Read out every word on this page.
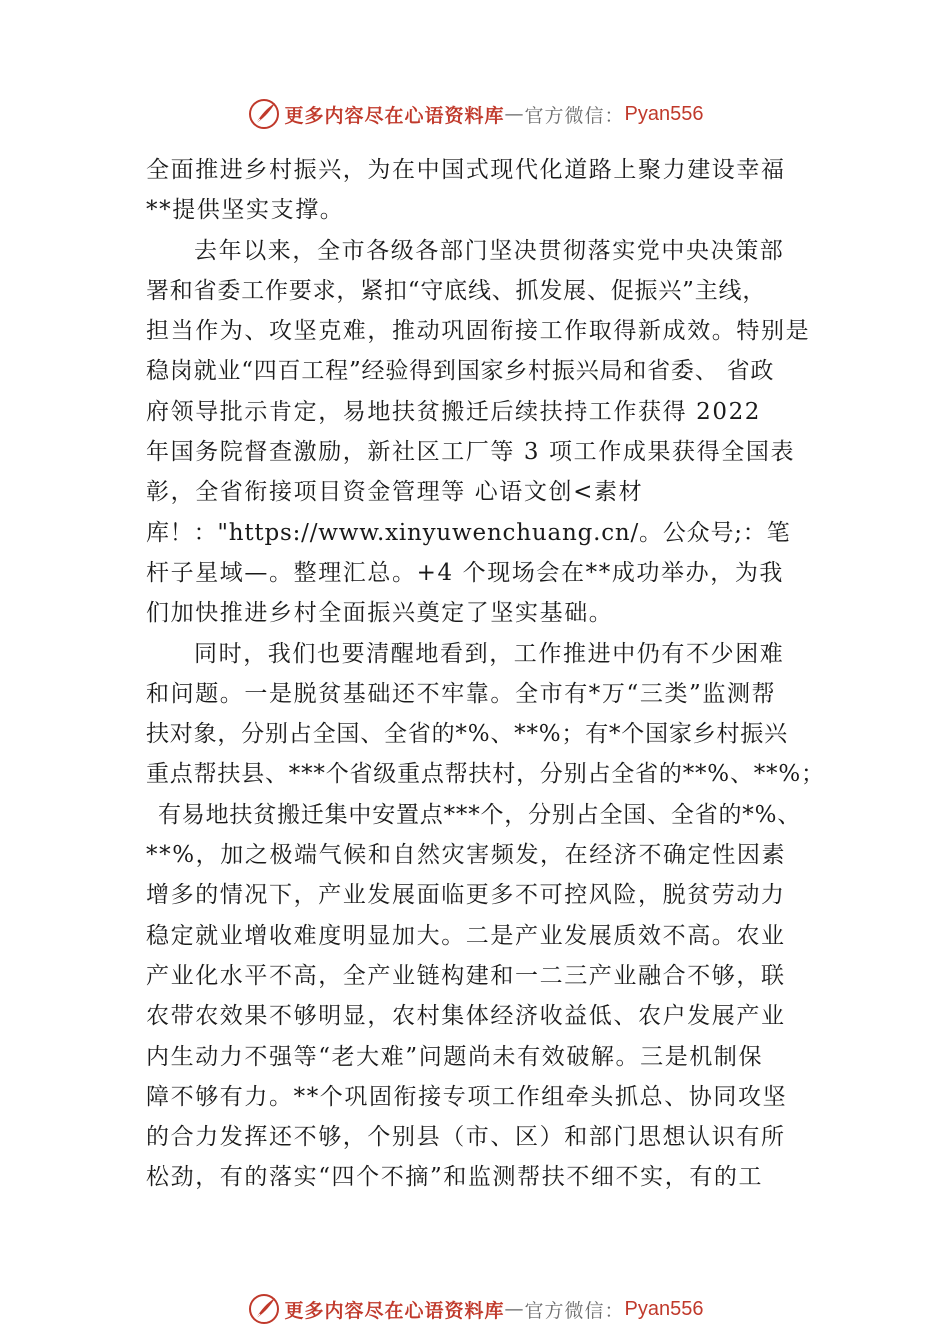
更多内容尽在心语资料库 — 官方微信： Pyan556
全面推进乡村振兴，为在中国式现代化道路上聚力建设幸福
**提供坚实支撑。
去年以来，全市各级各部门坚决贯彻落实党中央决策部
署和省委工作要求，紧扣“守底线、抓发展、促振兴”主线，
担当作为、攻坚克难，推动巩固衔接工作取得新成效。特别是
稳岗就业“四百工程”经验得到国家乡村振兴局和省委、 省政
府领导批示肯定，易地扶贫搬迁后续扶持工作获得 2022
年国务院督查激励，新社区工厂等 3 项工作成果获得全国表
彰，全省衔接项目资金管理等 心语文创<素材
库！："https://www.xinyuwenchuang.cn/。公众号;：笔
杆子星域—。整理汇总。+4 个现场会在**成功举办，为我
们加快推进乡村全面振兴奠定了坚实基础。
同时，我们也要清醒地看到，工作推进中仍有不少困难
和问题。一是脱贫基础还不牢靠。全市有*万“三类”监测帮
扶对象，分别占全国、全省的*%、**%；有*个国家乡村振兴
重点帮扶县、***个省级重点帮扶村，分别占全省的**%、**%；
有易地扶贫搬迁集中安置点***个，分别占全国、全省的*%、
**%，加之极端气候和自然灾害频发，在经济不确定性因素
增多的情况下，产业发展面临更多不可控风险，脱贫劳动力
稳定就业增收难度明显加大。二是产业发展质效不高。农业
产业化水平不高，全产业链构建和一二三产业融合不够，联
农带农效果不够明显，农村集体经济收益低、农户发展产业
内生动力不强等“老大难”问题尚未有效破解。三是机制保
障不够有力。**个巩固衔接专项工作组牵头抓总、协同攻坚
的合力发挥还不够，个别县（市、区）和部门思想认识有所
松劲，有的落实“四个不摘”和监测帮扶不细不实，有的工
更多内容尽在心语资料库 — 官方微信： Pyan556
